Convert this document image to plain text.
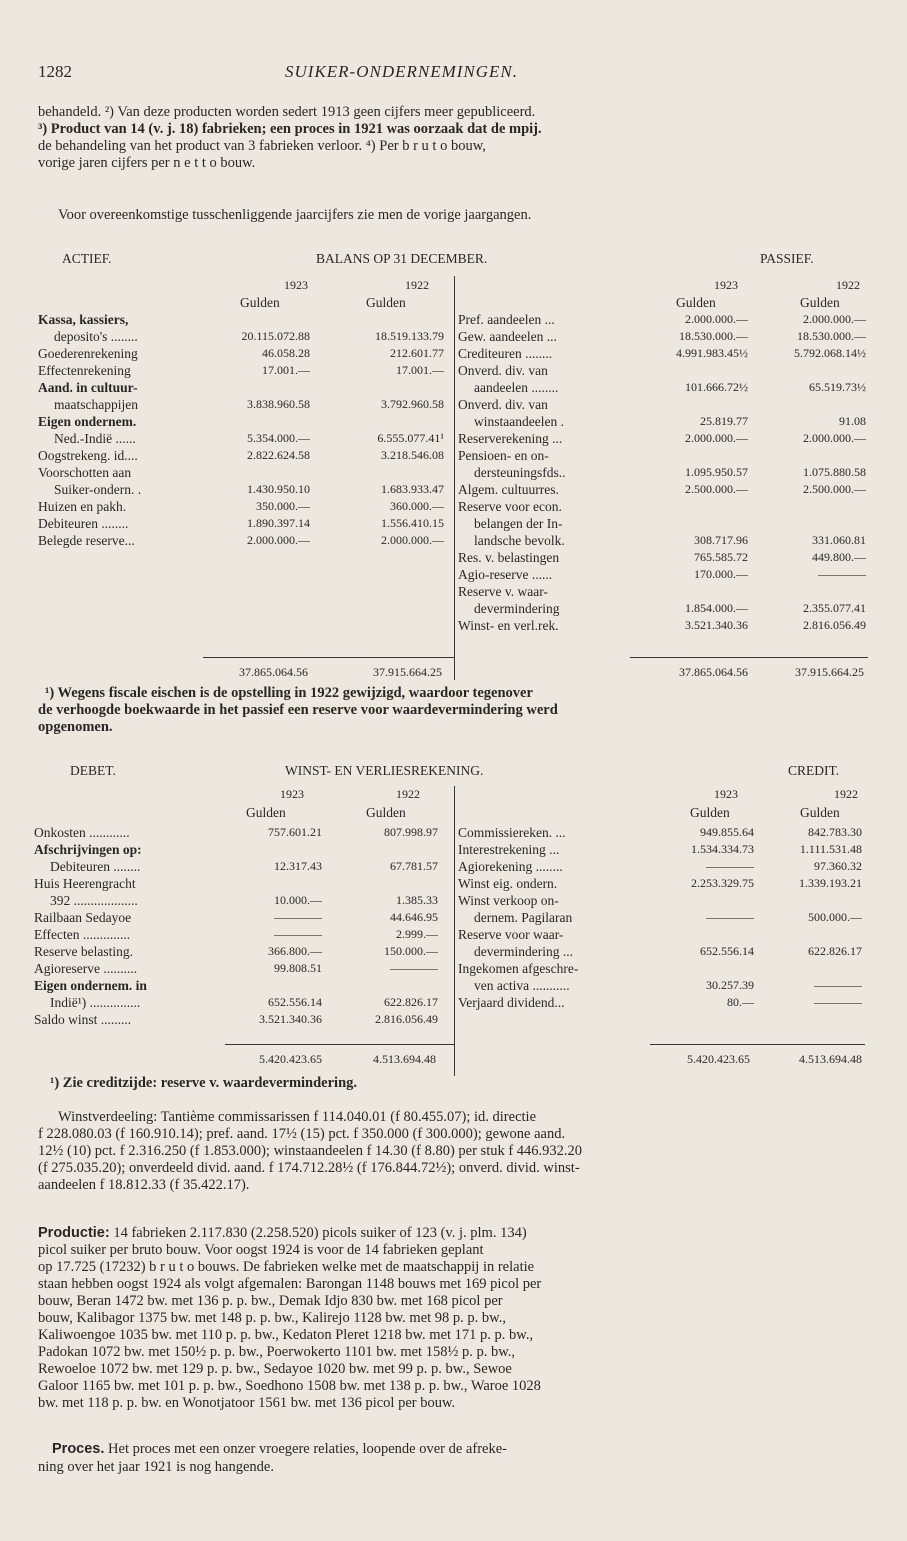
1282	SUIKER-ONDERNEMINGEN.
behandeld. ²) Van deze producten worden sedert 1913 geen cijfers meer gepubliceerd.
³) Product van 14 (v. j. 18) fabrieken; een proces in 1921 was oorzaak dat de mpij.
de behandeling van het product van 3 fabrieken verloor. ⁴) Per b r u t o bouw,
vorige jaren cijfers per n e t t o bouw.
Voor overeenkomstige tusschenliggende jaarcijfers zie men de vorige jaargangen.
ACTIEF.	BALANS OP 31 DECEMBER.	PASSIEF.
1923	1922
Gulden	Gulden
1923	1922
Gulden	Gulden
Kassa, kassiers,
deposito's ........	20.115.072.88	18.519.133.79
Goederenrekening	46.058.28	212.601.77
Effectenrekening	17.001.—	17.001.—
Aand. in cultuur-
maatschappijen	3.838.960.58	3.792.960.58
Eigen ondernem.
Ned.-Indië ......	5.354.000.—	6.555.077.41¹
Oogstrekeng. id....	2.822.624.58	3.218.546.08
Voorschotten aan
Suiker-ondern. .	1.430.950.10	1.683.933.47
Huizen en pakh.	350.000.—	360.000.—
Debiteuren ........	1.890.397.14	1.556.410.15
Belegde reserve...	2.000.000.—	2.000.000.—
Pref. aandeelen ...	2.000.000.—	2.000.000.—
Gew. aandeelen ...	18.530.000.—	18.530.000.—
Crediteuren ........	4.991.983.45½	5.792.068.14½
Onverd. div. van
aandeelen ........	101.666.72½	65.519.73½
Onverd. div. van
winstaandeelen .	25.819.77	91.08
Reserverekening ...	2.000.000.—	2.000.000.—
Pensioen- en on-
dersteuningsfds..	1.095.950.57	1.075.880.58
Algem. cultuurres.	2.500.000.—	2.500.000.—
Reserve voor econ.
belangen der In-
landsche bevolk.	308.717.96	331.060.81
Res. v. belastingen	765.585.72	449.800.—
Agio-reserve ......	170.000.—	————
Reserve v. waar-
devermindering	1.854.000.—	2.355.077.41
Winst- en verl.rek.	3.521.340.36	2.816.056.49
37.865.064.56	37.915.664.25	37.865.064.56	37.915.664.25
¹) Wegens fiscale eischen is de opstelling in 1922 gewijzigd, waardoor tegenover
de verhoogde boekwaarde in het passief een reserve voor waardevermindering werd
opgenomen.
DEBET.	WINST- EN VERLIESREKENING.	CREDIT.
1923	1922
Gulden	Gulden
1923	1922
Gulden	Gulden
Onkosten ............	757.601.21	807.998.97
Afschrijvingen op:
Debiteuren ........	12.317.43	67.781.57
Huis Heerengracht
392 ...................	10.000.—	1.385.33
Railbaan Sedayoe	————	44.646.95
Effecten ..............	————	2.999.—
Reserve belasting.	366.800.—	150.000.—
Agioreserve ..........	99.808.51	————
Eigen ondernem. in
Indië¹) ...............	652.556.14	622.826.17
Saldo winst .........	3.521.340.36	2.816.056.49
Commissiereken. ...	949.855.64	842.783.30
Interestrekening ...	1.534.334.73	1.111.531.48
Agiorekening ........	————	97.360.32
Winst eig. ondern.	2.253.329.75	1.339.193.21
Winst verkoop on-
dernem. Pagilaran	————	500.000.—
Reserve voor waar-
devermindering ...	652.556.14	622.826.17
Ingekomen afgeschre-
ven activa ...........	30.257.39	————
Verjaard dividend...	80.—	————
5.420.423.65	4.513.694.48	5.420.423.65	4.513.694.48
¹) Zie creditzijde: reserve v. waardevermindering.
Winstverdeeling: Tantième commissarissen f 114.040.01 (f 80.455.07); id. directie
f 228.080.03 (f 160.910.14); pref. aand. 17½ (15) pct. f 350.000 (f 300.000); gewone aand.
12½ (10) pct. f 2.316.250 (f 1.853.000); winstaandeelen f 14.30 (f 8.80) per stuk f 446.932.20
(f 275.035.20); onverdeeld divid. aand. f 174.712.28½ (f 176.844.72½); onverd. divid. winst-
aandeelen f 18.812.33 (f 35.422.17).
Productie: 14 fabrieken 2.117.830 (2.258.520) picols suiker of 123 (v. j. plm. 134)
picol suiker per bruto bouw. Voor oogst 1924 is voor de 14 fabrieken geplant
op 17.725 (17232) b r u t o bouws. De fabrieken welke met de maatschappij in relatie
staan hebben oogst 1924 als volgt afgemalen: Barongan 1148 bouws met 169 picol per
bouw, Beran 1472 bw. met 136 p. p. bw., Demak Idjo 830 bw. met 168 picol per
bouw, Kalibagor 1375 bw. met 148 p. p. bw., Kalirejo 1128 bw. met 98 p. p. bw.,
Kaliwoengoe 1035 bw. met 110 p. p. bw., Kedaton Pleret 1218 bw. met 171 p. p. bw.,
Padokan 1072 bw. met 150½ p. p. bw., Poerwokerto 1101 bw. met 158½ p. p. bw.,
Rewoeloe 1072 bw. met 129 p. p. bw., Sedayoe 1020 bw. met 99 p. p. bw., Sewoe
Galoor 1165 bw. met 101 p. p. bw., Soedhono 1508 bw. met 138 p. p. bw., Waroe 1028
bw. met 118 p. p. bw. en Wonotjatoor 1561 bw. met 136 picol per bouw.
Proces. Het proces met een onzer vroegere relaties, loopende over de afreke-
ning over het jaar 1921 is nog hangende.
